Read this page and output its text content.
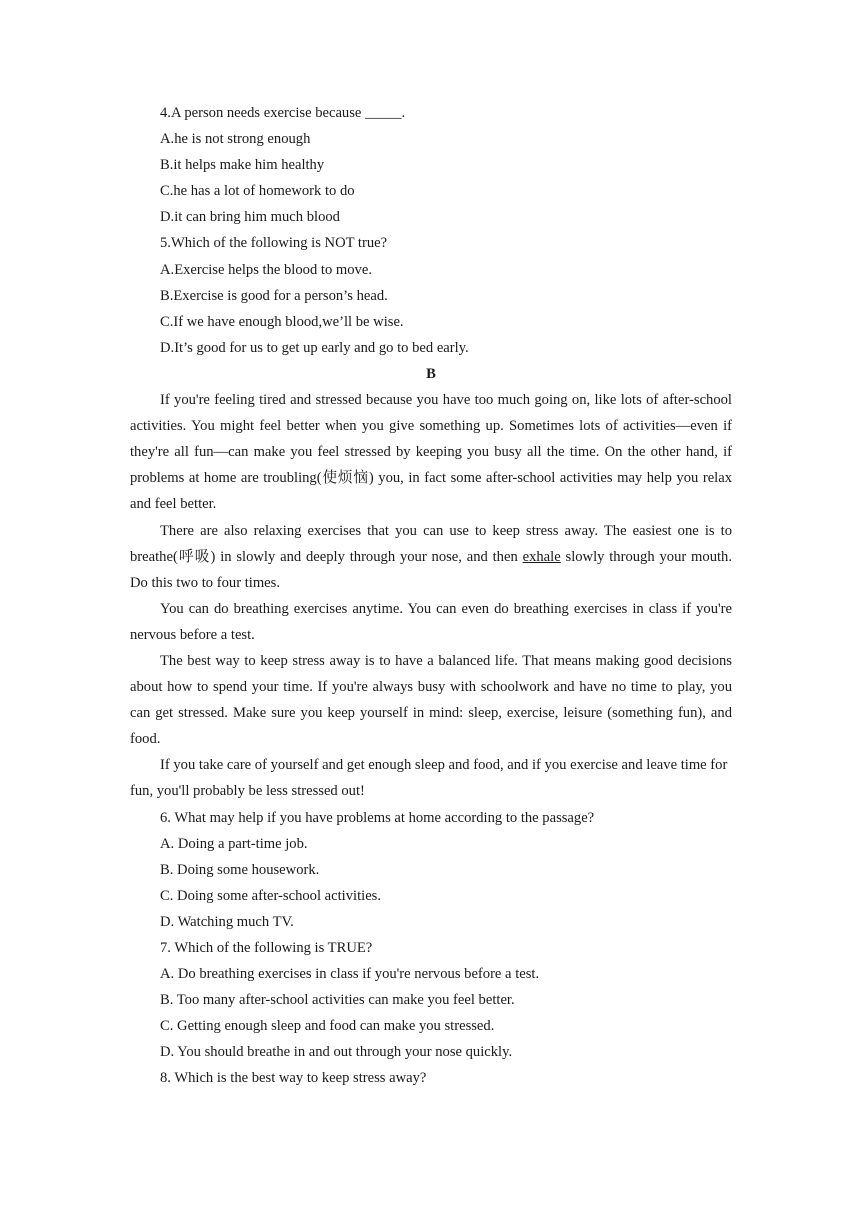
4.A person needs exercise because _____.

A.he is not strong enough

B.it helps make him healthy

C.he has a lot of homework to do

D.it can bring him much blood

5.Which of the following is NOT true?

A.Exercise helps the blood to move.

B.Exercise is good for a person’s head.

C.If we have enough blood,we’ll be wise.

D.It’s good for us to get up early and go to bed early.

B

If you're feeling tired and stressed because you have too much going on, like lots of after-school activities. You might feel better when you give something up. Sometimes lots of activities—even if they're all fun—can make you feel stressed by keeping you busy all the time. On the other hand, if problems at home are troubling(使烦恼) you, in fact some after-school activities may help you relax and feel better.

There are also relaxing exercises that you can use to keep stress away. The easiest one is to breathe(呼吸) in slowly and deeply through your nose, and then exhale slowly through your mouth. Do this two to four times.

You can do breathing exercises anytime. You can even do breathing exercises in class if you're nervous before a test.

The best way to keep stress away is to have a balanced life. That means making good decisions about how to spend your time. If you're always busy with schoolwork and have no time to play, you can get stressed. Make sure you keep yourself in mind: sleep, exercise, leisure (something fun), and food.

If you take care of yourself and get enough sleep and food, and if you exercise and leave time for fun, you'll probably be less stressed out!

6. What may help if you have problems at home according to the passage?

A. Doing a part-time job.

B. Doing some housework.

C. Doing some after-school activities.

D. Watching much TV.

7. Which of the following is TRUE?

A. Do breathing exercises in class if you're nervous before a test.

B. Too many after-school activities can make you feel better.

C. Getting enough sleep and food can make you stressed.

D. You should breathe in and out through your nose quickly.

8. Which is the best way to keep stress away?
